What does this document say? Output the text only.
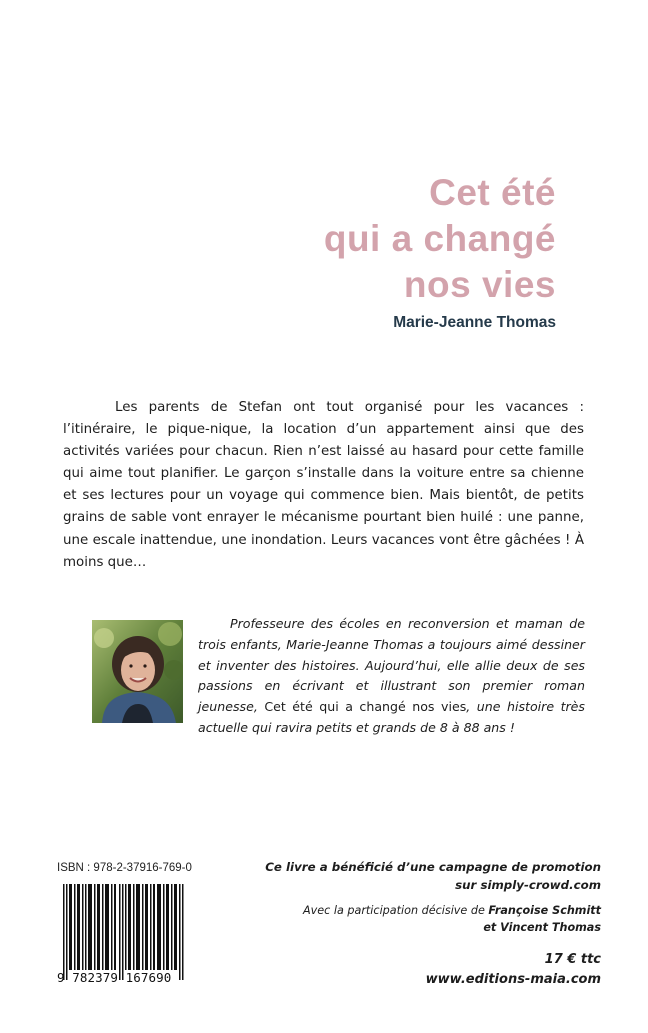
Cet été
qui a changé
nos vies
Marie-Jeanne Thomas

Les parents de Stefan ont tout organisé pour les vacances : l’itinéraire, le pique-nique, la location d’un appartement ainsi que des activités variées pour chacun. Rien n’est laissé au hasard pour cette famille qui aime tout planifier. Le garçon s’installe dans la voiture entre sa chienne et ses lectures pour un voyage qui commence bien. Mais bientôt, de petits grains de sable vont enrayer le mécanisme pourtant bien huilé : une panne, une escale inattendue, une inondation. Leurs vacances vont être gâchées ! À moins que…

Professeure des écoles en reconversion et maman de trois enfants, Marie-Jeanne Thomas a toujours aimé dessiner et inventer des histoires. Aujourd’hui, elle allie deux de ses passions en écrivant et illustrant son premier roman jeunesse, Cet été qui a changé nos vies, une histoire très actuelle qui ravira petits et grands de 8 à 88 ans !

ISBN : 978-2-37916-769-0
9 782379 167690
Ce livre a bénéficié d’une campagne de promotion
sur simply-crowd.com
Avec la participation décisive de Françoise Schmitt
et Vincent Thomas
17 € ttc
www.editions-maia.com
